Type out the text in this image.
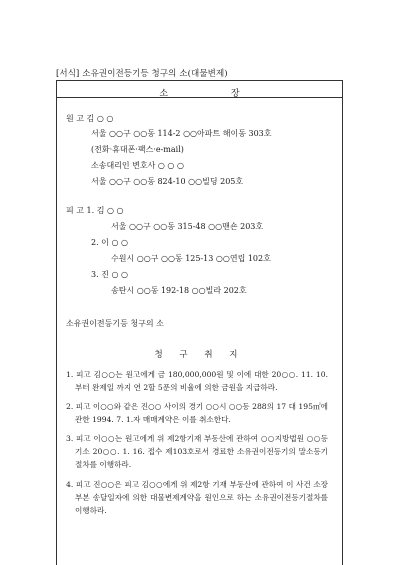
[서식] 소유권이전등기등 청구의 소(대물변제)
소 장
원 고 김 ○ ○
서울 ○○구 ○○동 114-2 ○○아파트 해이동 303호
(전화·휴대폰·팩스·e-mail)
소송대리인 변호사 ○ ○ ○
서울 ○○구 ○○동 824-10 ○○빌딩 205호
피 고 1. 김 ○ ○
서울 ○○구 ○○동 315-48 ○○맨숀 203호
2. 이 ○ ○
수원시 ○○구 ○○동 125-13 ○○연립 102호
3. 진 ○ ○
송탄시 ○○동 192-18 ○○빌라 202호
소유권이전등기등 청구의 소
청 구 취 지
1. 피고 김○○는 원고에게 금 180,000,000원 및 이에 대한 20○○. 11. 10.부터 완제일 까지 연 2할 5푼의 비율에 의한 금원을 지급하라.
2. 피고 이○○와 같은 진○○ 사이의 경기 ○○시 ○○동 288의 17 대 195㎡에 관한 1994. 7. 1.자 매매계약은 이를 취소한다.
3. 피고 이○○는 원고에게 위 제2항기재 부동산에 관하여 ○○지방법원 ○○등기소 20○○. 1. 16. 접수 제103호로서 경료한 소유권이전등기의 말소등기절차를 이행하라.
4. 피고 진○○은 피고 김○○에게 위 제2항 기재 부동산에 관하여 이 사건 소장 부본 송달일자에 의한 대물변제계약을 원인으로 하는 소유권이전등기절차를 이행하라.
